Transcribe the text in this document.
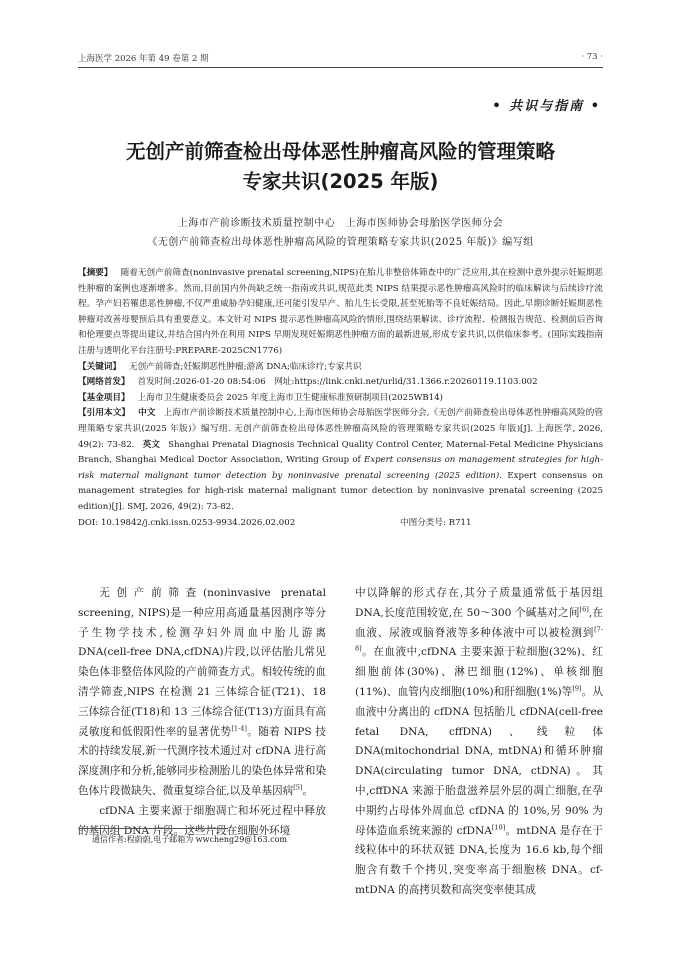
上海医学 2026 年第 49 卷第 2 期	· 73 ·
• 共识与指南 •
无创产前筛查检出母体恶性肿瘤高风险的管理策略
专家共识(2025 年版)
上海市产前诊断技术质量控制中心　上海市医师协会母胎医学医师分会
《无创产前筛查检出母体恶性肿瘤高风险的管理策略专家共识(2025 年版)》编写组

【摘要】 随着无创产前筛查(noninvasive prenatal screening,NIPS)在胎儿非整倍体筛查中的广泛应用,其在检测中意外提示妊娠期恶性肿瘤的案例也逐渐增多。然而,目前国内外尚缺乏统一指南或共识,规范此类 NIPS 结果提示恶性肿瘤高风险时的临床解读与后续诊疗流程。孕产妇若罹患恶性肿瘤,不仅严重威胁孕妇健康,还可能引发早产、胎儿生长受限,甚至死胎等不良妊娠结局。因此,早期诊断妊娠期恶性肿瘤对改善母婴预后具有重要意义。本文针对 NIPS 提示恶性肿瘤高风险的情形,围绕结果解读、诊疗流程、检测报告规范、检测前后咨询和伦理要点等提出建议,并结合国内外在利用 NIPS 早期发现妊娠期恶性肿瘤方面的最新进展,形成专家共识,以供临床参考。(国际实践指南注册与透明化平台注册号:PREPARE-2025CN1776)

【关键词】 无创产前筛查;妊娠期恶性肿瘤;游离 DNA;临床诊疗;专家共识

【网络首发】 首发时间:2026-01-20 08:54:06　网址:https://link.cnki.net/urlid/31.1366.r.20260119.1103.002

【基金项目】 上海市卫生健康委员会 2025 年度上海市卫生健康标准预研制项目(2025WB14)

【引用本文】 中文 上海市产前诊断技术质量控制中心,上海市医师协会母胎医学医师分会,《无创产前筛查检出母体恶性肿瘤高风险的管理策略专家共识(2025 年版)》编写组. 无创产前筛查检出母体恶性肿瘤高风险的管理策略专家共识(2025 年版)[J]. 上海医学, 2026, 49(2): 73-82. 英文 Shanghai Prenatal Diagnosis Technical Quality Control Center, Maternal-Fetal Medicine Physicians Branch, Shanghai Medical Doctor Association, Writing Group of Expert consensus on management strategies for high-risk maternal malignant tumor detection by noninvasive prenatal screening (2025 edition). Expert consensus on management strategies for high-risk maternal malignant tumor detection by noninvasive prenatal screening (2025 edition)[J]. SMJ, 2026, 49(2): 73-82.

DOI: 10.19842/j.cnki.issn.0253-9934.2026.02.002	中图分类号: R711

无创产前筛查(noninvasive prenatal screening, NIPS)是一种应用高通量基因测序等分子生物学技术,检测孕妇外周血中胎儿游离 DNA(cell-free DNA,cfDNA)片段,以评估胎儿常见染色体非整倍体风险的产前筛查方式。相较传统的血清学筛查,NIPS 在检测 21 三体综合征(T21)、18 三体综合征(T18)和 13 三体综合征(T13)方面具有高灵敏度和低假阳性率的显著优势[1-4]。随着 NIPS 技术的持续发展,新一代测序技术通过对 cfDNA 进行高深度测序和分析,能够同步检测胎儿的染色体异常和染色体片段微缺失、微重复综合征,以及单基因病[5]。

cfDNA 主要来源于细胞凋亡和坏死过程中释放的基因组 DNA 片段。这些片段在细胞外环境

中以降解的形式存在,其分子质量通常低于基因组 DNA,长度范围较宽,在 50～300 个碱基对之间[6],在血液、尿液或脑脊液等多种体液中可以被检测到[7-8]。在血液中,cfDNA 主要来源于粒细胞(32%)、红细胞前体(30%)、淋巴细胞(12%)、单核细胞(11%)、血管内皮细胞(10%)和肝细胞(1%)等[9]。从血液中分离出的 cfDNA 包括胎儿 cfDNA(cell-free fetal DNA, cffDNA)、线粒体 DNA(mitochondrial DNA, mtDNA)和循环肿瘤 DNA(circulating tumor DNA, ctDNA)。其中,cffDNA 来源于胎盘滋养层外层的凋亡细胞,在孕中期约占母体外周血总 cfDNA 的 10%,另 90% 为母体造血系统来源的 cfDNA[10]。mtDNA 是存在于线粒体中的环状双链 DNA,长度为 16.6 kb,每个细胞含有数千个拷贝,突变率高于细胞核 DNA。cf-mtDNA 的高拷贝数和高突变率使其成

通信作者:程蔚蔚,电子邮箱为 wwcheng29@163.com
